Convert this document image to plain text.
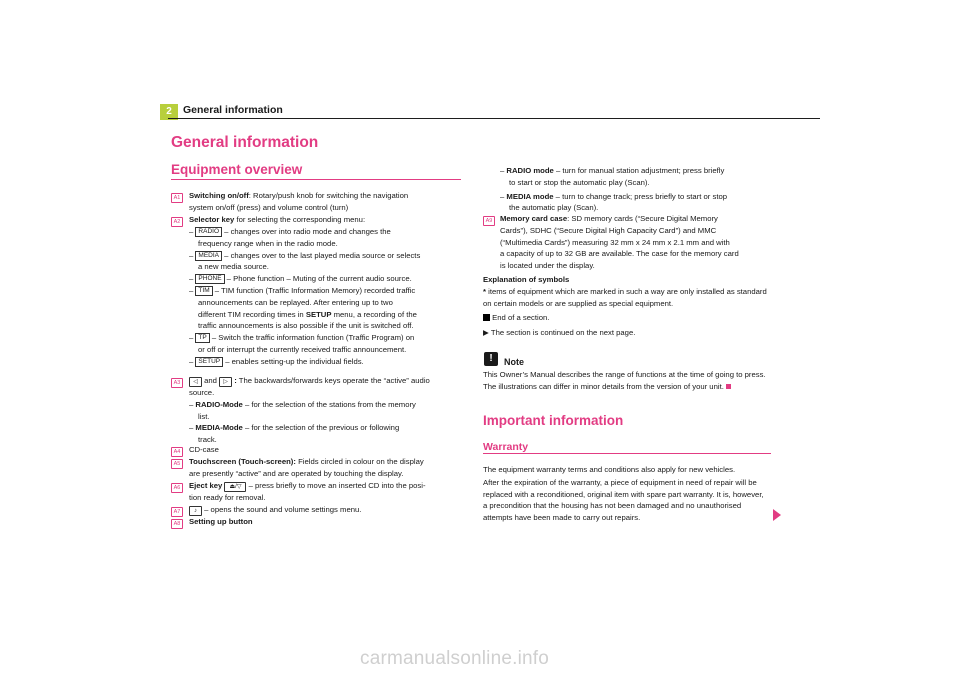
2	General information
General information
Equipment overview
A1	Switching on/off: Rotary/push knob for switching the navigation
system on/off (press) and volume control (turn)
A2	Selector key for selecting the corresponding menu:
– RADIO – changes over into radio mode and changes the
frequency range when in the radio mode.
– MEDIA – changes over to the last played media source or selects
a new media source.
– PHONE – Phone function – Muting of the current audio source.
– TIM – TIM function (Traffic Information Memory) recorded traffic
announcements can be replayed. After entering up to two
different TIM recording times in SETUP menu, a recording of the
traffic announcements is also possible if the unit is switched off.
– TP – Switch the traffic information function (Traffic Program) on
or off or interrupt the currently received traffic announcement.
– SETUP – enables setting-up the individual fields.
A3	◁ and ▷ : The backwards/forwards keys operate the “active” audio
source.
– RADIO-Mode – for the selection of the stations from the memory
list.
– MEDIA-Mode – for the selection of the previous or following
track.
A4	CD-case
A5	Touchscreen (Touch-screen): Fields circled in colour on the display
are presently “active” and are operated by touching the display.
A6	Eject key ⏏/▽ – press briefly to move an inserted CD into the posi-
tion ready for removal.
A7	♪ – opens the sound and volume settings menu.
A8	Setting up button
– RADIO mode – turn for manual station adjustment; press briefly
to start or stop the automatic play (Scan).
– MEDIA mode – turn to change track; press briefly to start or stop
the automatic play (Scan).
A9 Memory card case: SD memory cards (“Secure Digital Memory
Cards”), SDHC (“Secure Digital High Capacity Card”) and MMC
(“Multimedia Cards”) measuring 32 mm x 24 mm x 2.1 mm and with
a capacity of up to 32 GB are available. The case for the memory card
is located under the display.
Explanation of symbols
* items of equipment which are marked in such a way are only installed as standard
on certain models or are supplied as special equipment.
End of a section.
▶ The section is continued on the next page.
!	Note
This Owner’s Manual describes the range of functions at the time of going to press.
The illustrations can differ in minor details from the version of your unit.
Important information
Warranty
The equipment warranty terms and conditions also apply for new vehicles.
After the expiration of the warranty, a piece of equipment in need of repair will be
replaced with a reconditioned, original item with spare part warranty. It is, however,
a precondition that the housing has not been damaged and no unauthorised
attempts have been made to carry out repairs.
carmanualsonline.info
